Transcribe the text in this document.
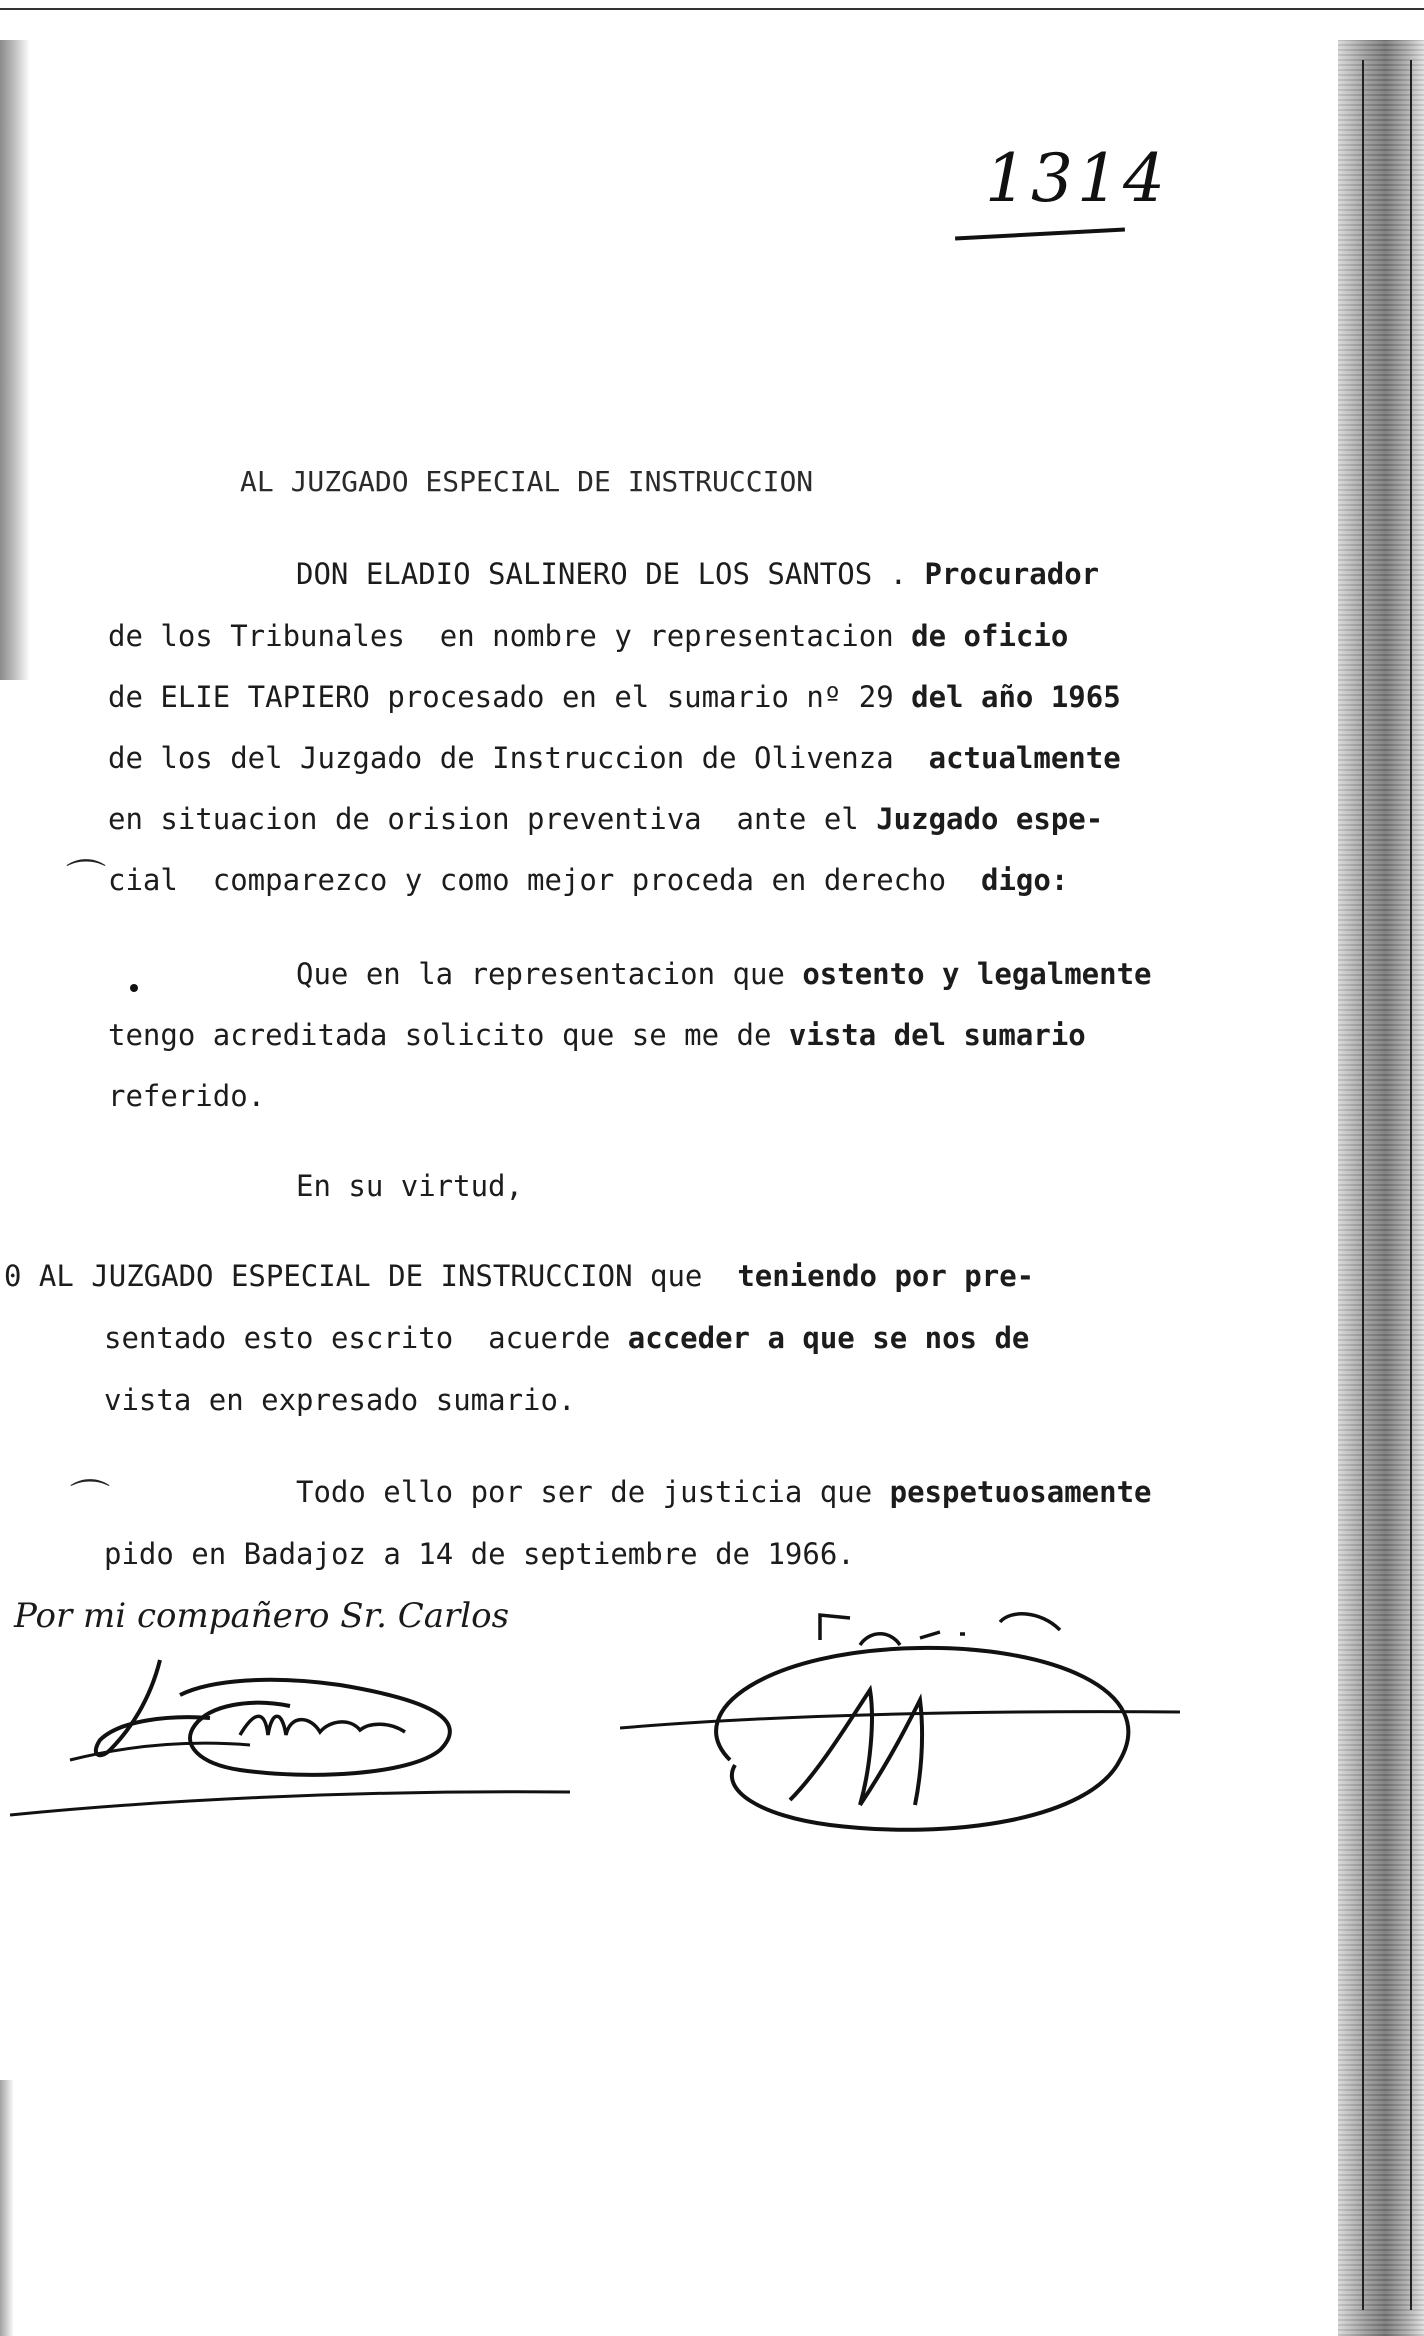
1314
AL JUZGADO ESPECIAL DE INSTRUCCION
DON ELADIO SALINERO DE LOS SANTOS . Procurador
de los Tribunales  en nombre y representacion de oficio
de ELIE TAPIERO procesado en el sumario nº 29 del año 1965
de los del Juzgado de Instruccion de Olivenza  actualmente
en situacion de orision preventiva  ante el Juzgado espe-
⌒ cial  comparezco y como mejor proceda en derecho  digo:
Que en la representacion que ostento y legalmente
tengo acreditada solicito que se me de vista del sumario
referido.
En su virtud,
0 AL JUZGADO ESPECIAL DE INSTRUCCION que  teniendo por pre-
sentado esto escrito  acuerde acceder a que se nos de
vista en expresado sumario.
⌒	Todo ello por ser de justicia que pespetuosamente
pido en Badajoz a 14 de septiembre de 1966.
Por mi compañero Sr. Carlos
